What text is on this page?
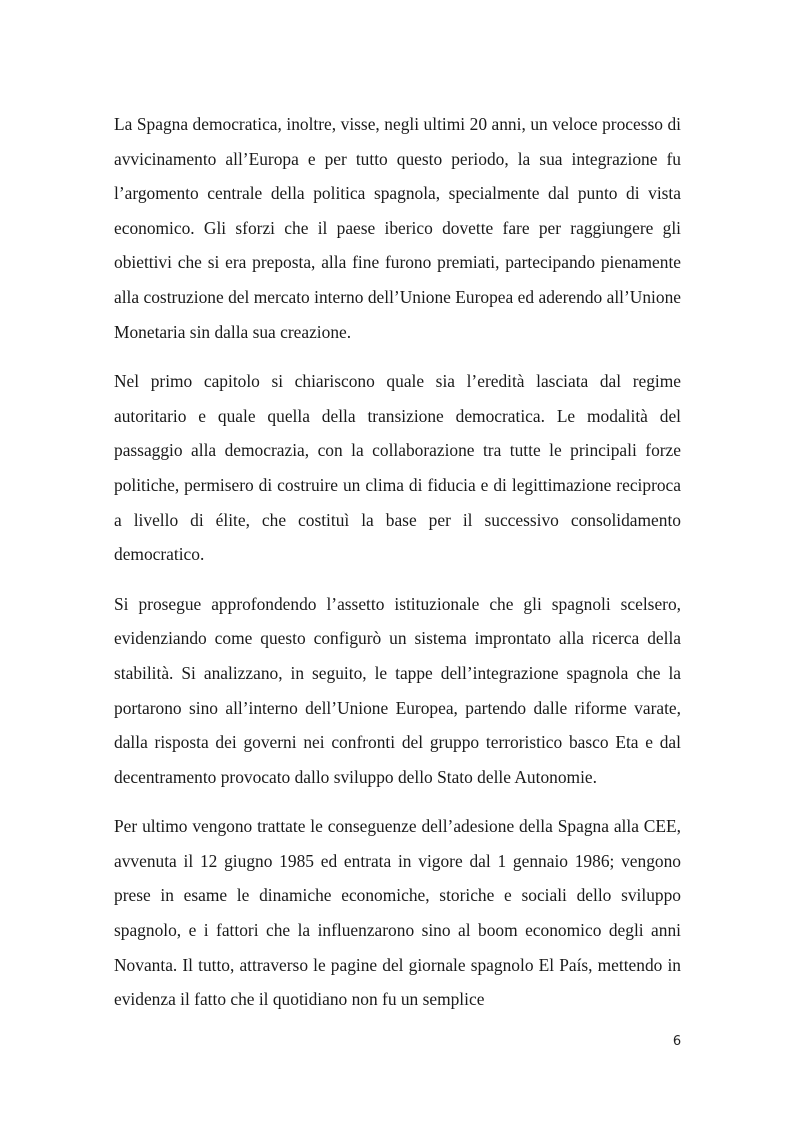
La Spagna democratica, inoltre, visse, negli ultimi 20 anni, un veloce processo di avvicinamento all’Europa e per tutto questo periodo, la sua integrazione fu l’argomento centrale della politica spagnola, specialmente dal punto di vista economico. Gli sforzi che il paese iberico dovette fare per raggiungere gli obiettivi che si era preposta, alla fine furono premiati, partecipando pienamente alla costruzione del mercato interno dell’Unione Europea ed aderendo all’Unione Monetaria sin dalla sua creazione.

Nel primo capitolo si chiariscono quale sia l’eredità lasciata dal regime autoritario e quale quella della transizione democratica. Le modalità del passaggio alla democrazia, con la collaborazione tra tutte le principali forze politiche, permisero di costruire un clima di fiducia e di legittimazione reciproca a livello di élite, che costituì la base per il successivo consolidamento democratico.

Si prosegue approfondendo l’assetto istituzionale che gli spagnoli scelsero, evidenziando come questo configurò un sistema improntato alla ricerca della stabilità. Si analizzano, in seguito, le tappe dell’integrazione spagnola che la portarono sino all’interno dell’Unione Europea, partendo dalle riforme varate, dalla risposta dei governi nei confronti del gruppo terroristico basco Eta e dal decentramento provocato dallo sviluppo dello Stato delle Autonomie.

Per ultimo vengono trattate le conseguenze dell’adesione della Spagna alla CEE, avvenuta il 12 giugno 1985 ed entrata in vigore dal 1 gennaio 1986; vengono prese in esame le dinamiche economiche, storiche e sociali dello sviluppo spagnolo, e i fattori che la influenzarono sino al boom economico degli anni Novanta. Il tutto, attraverso le pagine del giornale spagnolo El País, mettendo in evidenza il fatto che il quotidiano non fu un semplice

6
